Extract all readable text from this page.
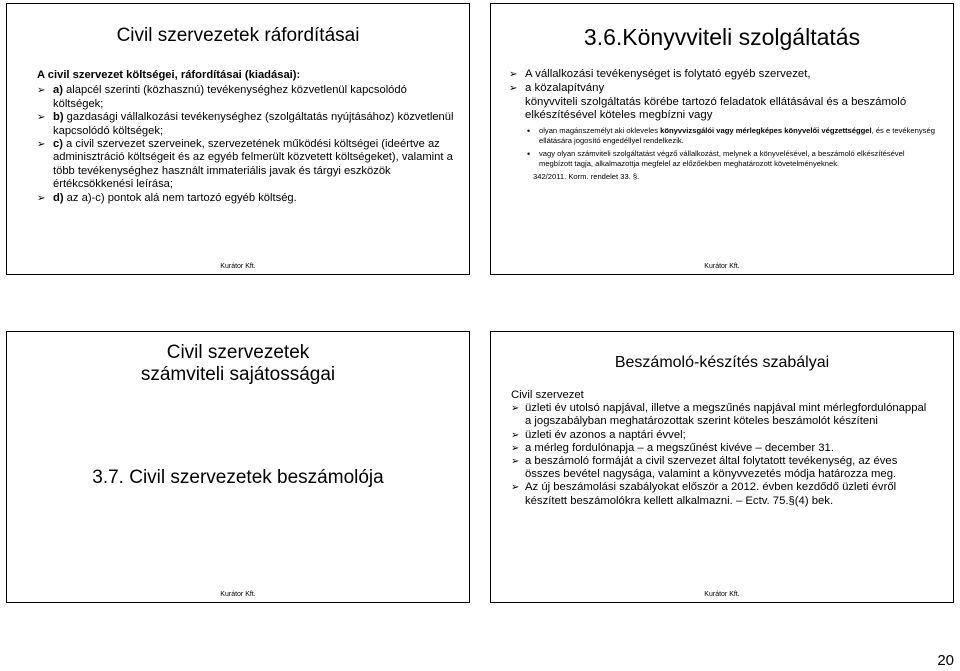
Civil szervezetek ráfordításai
A civil szervezet költségei, ráfordításai (kiadásai):
➢ a) alapcél szerinti (közhasznú) tevékenységhez közvetlenül kapcsolódó költségek;
➢ b) gazdasági vállalkozási tevékenységhez (szolgáltatás nyújtásához) közvetlenül kapcsolódó költségek;
➢ c) a civil szervezet szerveinek, szervezetének működési költségei (ideértve az adminisztráció költségeit és az egyéb felmerült közvetett költségeket), valamint a több tevékenységhez használt immateriális javak és tárgyi eszközök értékcsökkenési leírása;
➢ d) az a)-c) pontok alá nem tartozó egyéb költség.
Kurátor Kft.
3.6.Könyvviteli szolgáltatás
➢ A vállalkozási tevékenységet is folytató egyéb szervezet,
➢ a közalapítvány
könyvviteli szolgáltatás körébe tartozó feladatok ellátásával és a beszámoló elkészítésével köteles megbízni vagy
• olyan magánszemélyt aki okleveles könyvvizsgálói vagy mérlegképes könyvelői végzettséggel, és e tevékenység ellátására jogosító engedéllyel rendelkezik.
• vagy olyan számviteli szolgáltatást végző vállalkozást, melynek a könyvelésével, a beszámoló elkészítésével megbízott tagja, alkalmazottja megfelel az előzőekben meghatározott követelményeknek.
342/2011. Korm. rendelet 33. §.
Kurátor Kft.
Civil szervezetek
számviteli sajátosságai
3.7. Civil szervezetek beszámolója
Kurátor Kft.
Beszámoló-készítés szabályai
Civil szervezet
➢ üzleti év utolsó napjával, illetve a megszűnés napjával mint mérlegfordulónappal a jogszabályban meghatározottak szerint köteles beszámolót készíteni
➢ üzleti év azonos a naptári évvel;
➢ a mérleg fordulónapja – a megszűnést kivéve – december 31.
➢ a beszámoló formáját a civil szervezet által folytatott tevékenység, az éves összes bevétel nagysága, valamint a könyvvezetés módja határozza meg.
➢ Az új beszámolási szabályokat először a 2012. évben kezdődő üzleti évről készített beszámolókra kellett alkalmazni. – Ectv. 75.§(4) bek.
Kurátor Kft.
20
